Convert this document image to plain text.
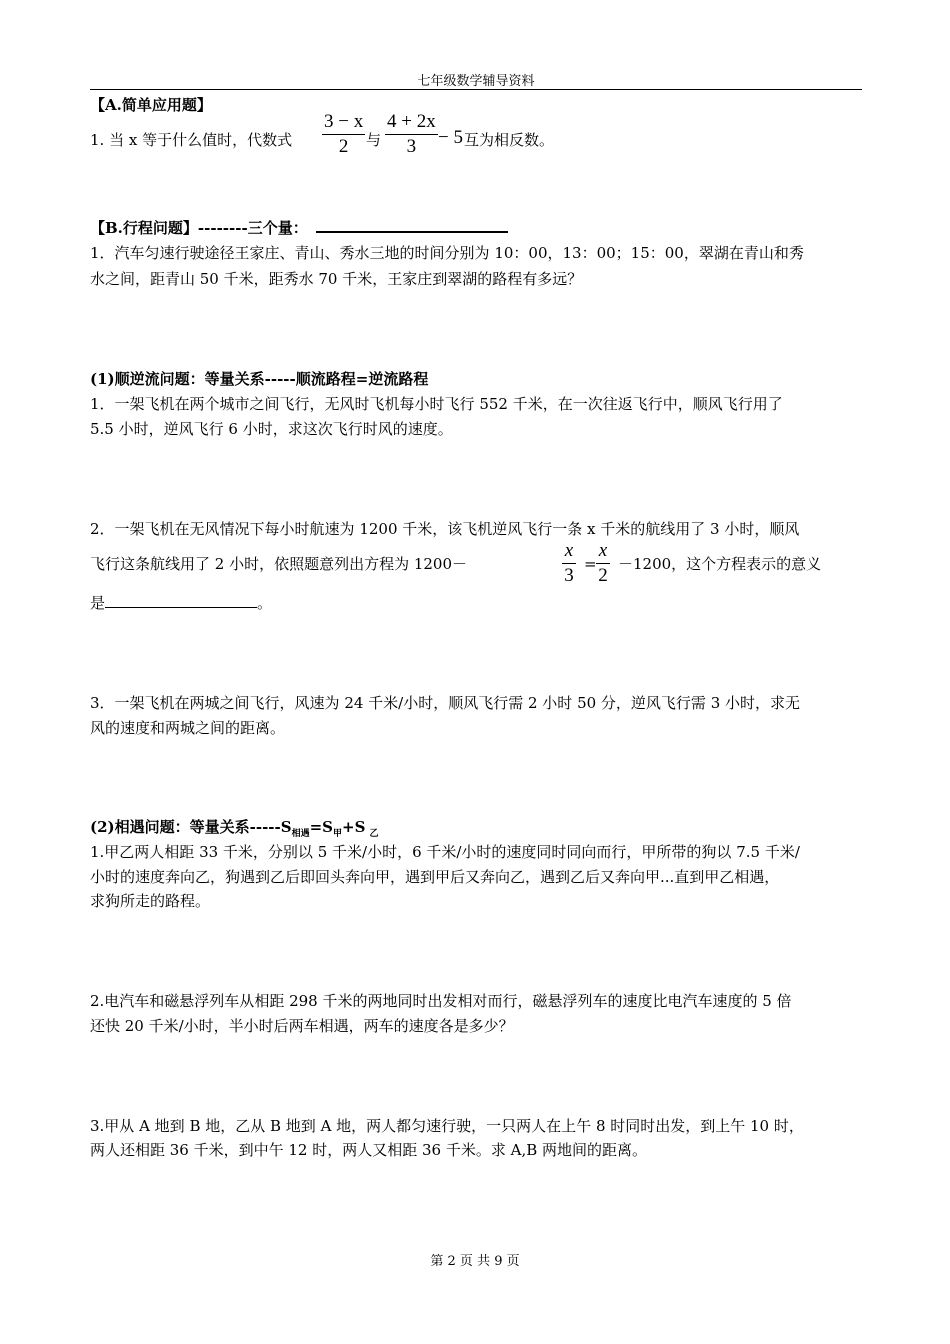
七年级数学辅导资料
【A.简单应用题】
1. 当 x 等于什么值时，代数式
3 − x
2	与
4 + 2x
3	− 5 互为相反数。
【B.行程问题】--------三个量：
1．汽车匀速行驶途径王家庄、青山、秀水三地的时间分别为 10：00，13：00；15：00，翠湖在青山和秀
水之间，距青山 50 千米，距秀水 70 千米，王家庄到翠湖的路程有多远？
(1)顺逆流问题：等量关系-----顺流路程=逆流路程
1．一架飞机在两个城市之间飞行，无风时飞机每小时飞行 552 千米，在一次往返飞行中，顺风飞行用了
5.5 小时，逆风飞行 6 小时，求这次飞行时风的速度。
2．一架飞机在无风情况下每小时航速为 1200 千米，该飞机逆风飞行一条 x 千米的航线用了 3 小时，顺风
飞行这条航线用了 2 小时，依照题意列出方程为 1200－
x
3
=
x
2
－1200，这个方程表示的意义
是	。
3．一架飞机在两城之间飞行，风速为 24 千米/小时，顺风飞行需 2 小时 50 分，逆风飞行需 3 小时，求无
风的速度和两城之间的距离。
(2)相遇问题：等量关系$-----S_{相遇}=S_甲+S$ $_乙$
1.甲乙两人相距 33 千米，分别以 5 千米/小时，6 千米/小时的速度同时同向而行，甲所带的狗以 7.5 千米/
小时的速度奔向乙，狗遇到乙后即回头奔向甲，遇到甲后又奔向乙，遇到乙后又奔向甲...直到甲乙相遇，
求狗所走的路程。
2.电汽车和磁悬浮列车从相距 298 千米的两地同时出发相对而行，磁悬浮列车的速度比电汽车速度的 5 倍
还快 20 千米/小时，半小时后两车相遇，两车的速度各是多少？
3.甲从 A 地到 B 地，乙从 B 地到 A 地，两人都匀速行驶，一只两人在上午 8 时同时出发，到上午 10 时，
两人还相距 36 千米，到中午 12 时，两人又相距 36 千米。求 A,B 两地间的距离。
第 2 页 共 9 页
